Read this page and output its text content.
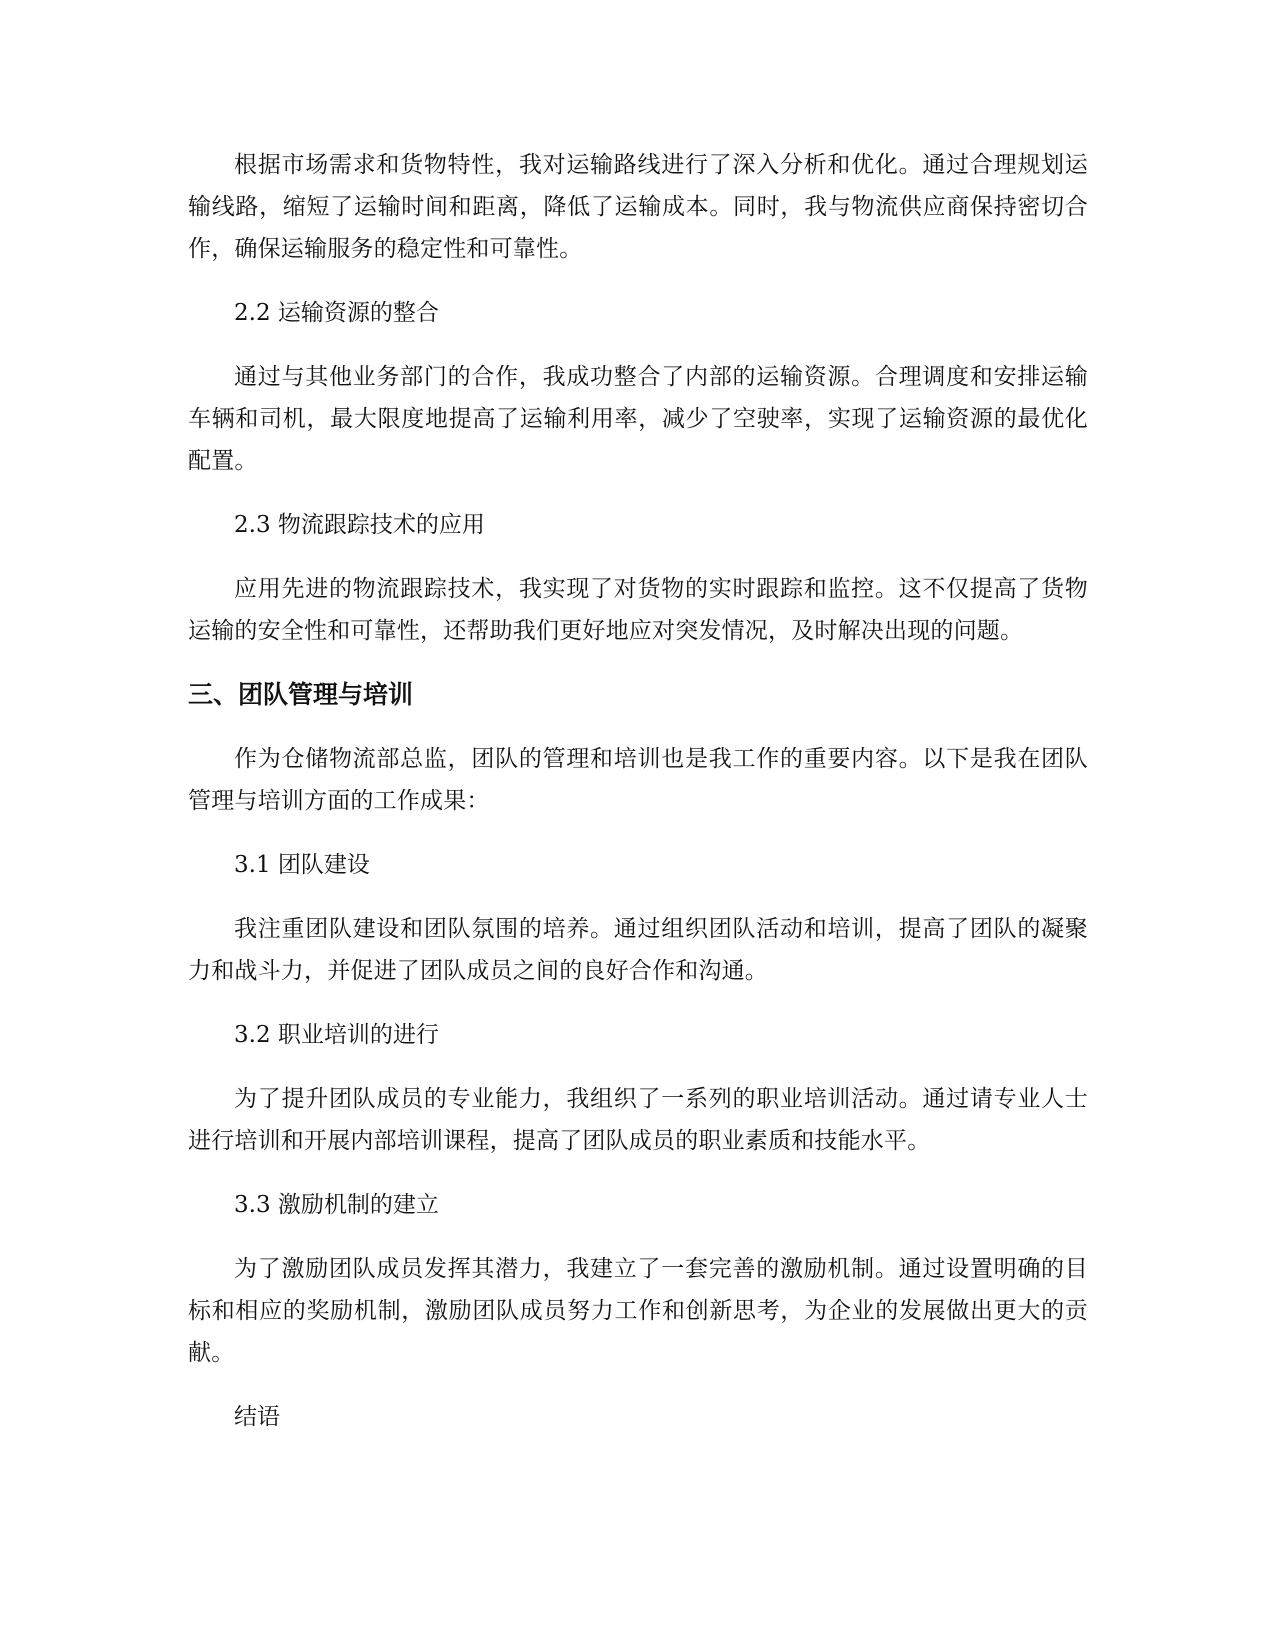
根据市场需求和货物特性，我对运输路线进行了深入分析和优化。通过合理规划运输线路，缩短了运输时间和距离，降低了运输成本。同时，我与物流供应商保持密切合作，确保运输服务的稳定性和可靠性。

2.2 运输资源的整合

通过与其他业务部门的合作，我成功整合了内部的运输资源。合理调度和安排运输车辆和司机，最大限度地提高了运输利用率，减少了空驶率，实现了运输资源的最优化配置。

2.3 物流跟踪技术的应用

应用先进的物流跟踪技术，我实现了对货物的实时跟踪和监控。这不仅提高了货物运输的安全性和可靠性，还帮助我们更好地应对突发情况，及时解决出现的问题。

三、团队管理与培训

作为仓储物流部总监，团队的管理和培训也是我工作的重要内容。以下是我在团队管理与培训方面的工作成果：

3.1 团队建设

我注重团队建设和团队氛围的培养。通过组织团队活动和培训，提高了团队的凝聚力和战斗力，并促进了团队成员之间的良好合作和沟通。

3.2 职业培训的进行

为了提升团队成员的专业能力，我组织了一系列的职业培训活动。通过请专业人士进行培训和开展内部培训课程，提高了团队成员的职业素质和技能水平。

3.3 激励机制的建立

为了激励团队成员发挥其潜力，我建立了一套完善的激励机制。通过设置明确的目标和相应的奖励机制，激励团队成员努力工作和创新思考，为企业的发展做出更大的贡献。

结语
